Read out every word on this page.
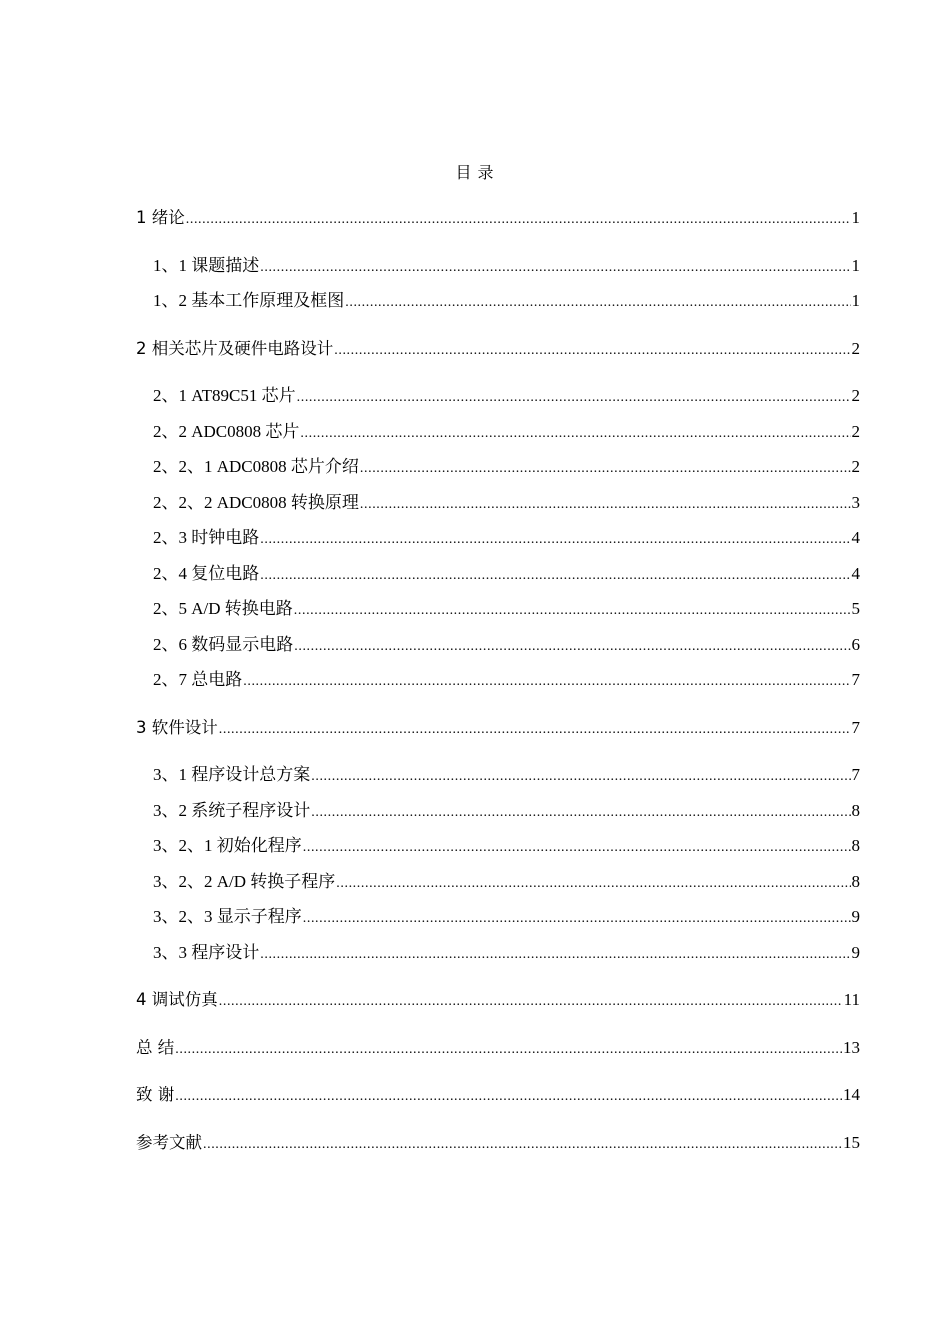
目 录
1 绪论 .....	1
1、1 课题描述 .....	1
1、2 基本工作原理及框图 .....	1
2 相关芯片及硬件电路设计 .....	2
2、1 AT89C51 芯片 .....	2
2、2 ADC0808 芯片 .....	2
2、2、1 ADC0808 芯片介绍 .....	2
2、2、2 ADC0808 转换原理 .....	3
2、3 时钟电路 .....	4
2、4 复位电路 .....	4
2、5 A/D 转换电路 .....	5
2、6 数码显示电路 .....	6
2、7 总电路 .....	7
3 软件设计 .....	7
3、1 程序设计总方案 .....	7
3、2 系统子程序设计 .....	8
3、2、1 初始化程序 .....	8
3、2、2 A/D 转换子程序 .....	8
3、2、3 显示子程序 .....	9
3、3 程序设计 .....	9
4 调试仿真 .....	11
总 结 .....	13
致 谢 .....	14
参考文献 .....	15
